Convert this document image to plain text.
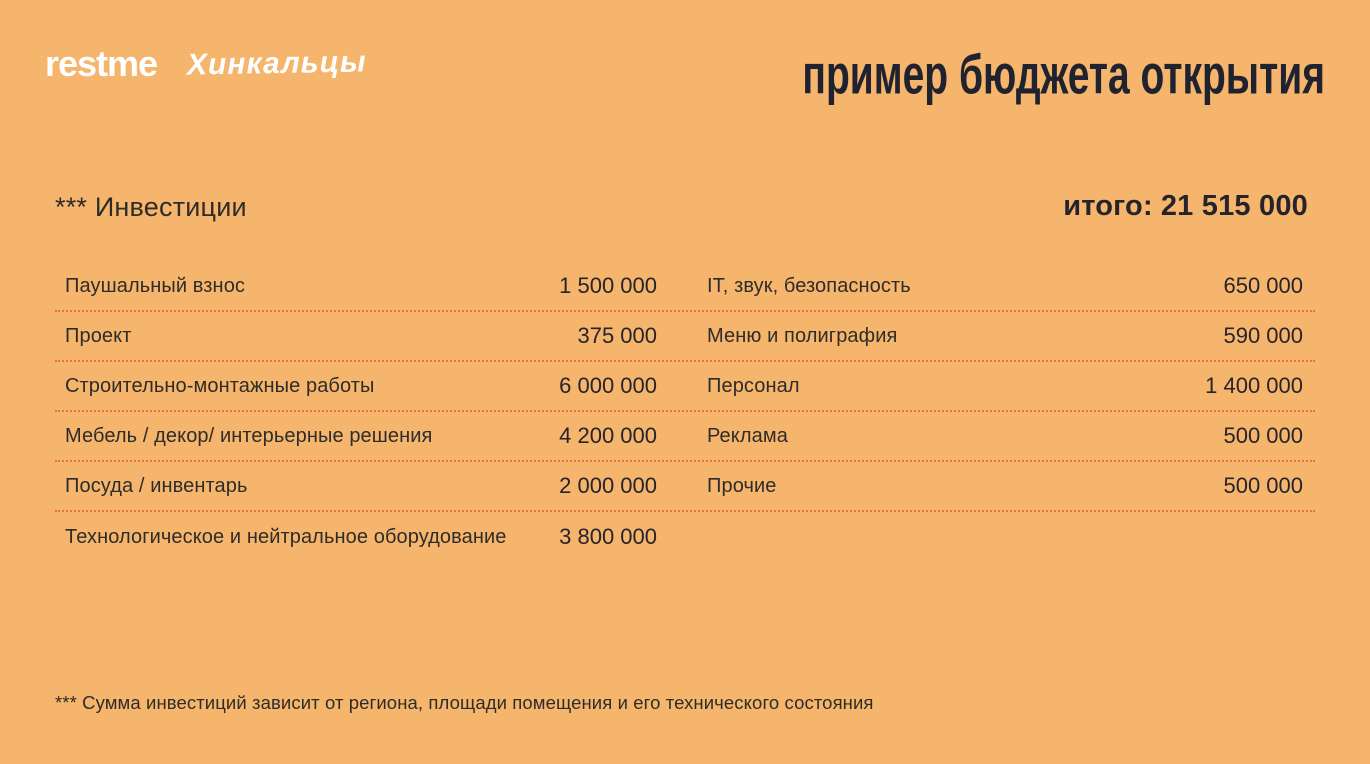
restme Хинкальцы	пример бюджета открытия
*** Инвестиции	итого: 21 515 000
Паушальный взнос	1 500 000	IT, звук, безопасность	650 000
Проект	375 000	Меню и полиграфия	590 000
Строительно-монтажные работы	6 000 000	Персонал	1 400 000
Мебель / декор/ интерьерные решения	4 200 000	Реклама	500 000
Посуда / инвентарь	2 000 000	Прочие	500 000
Технологическое и нейтральное оборудование	3 800 000
*** Сумма инвестиций зависит от региона, площади помещения и его технического состояния
